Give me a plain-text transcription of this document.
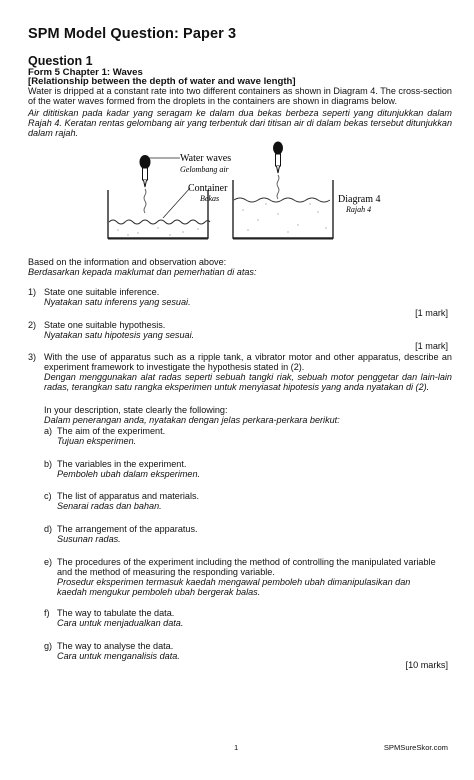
SPM Model Question: Paper 3
Question 1
Form 5 Chapter 1: Waves
[Relationship between the depth of water and wave length]
Water is dripped at a constant rate into two different containers as shown in Diagram 4. The cross-section of the water waves formed from the droplets in the containers are shown in diagrams below.
Air dititiskan pada kadar yang seragam ke dalam dua bekas berbeza seperti yang ditunjukkan dalam Rajah 4. Keratan rentas gelombang air yang terbentuk dari titisan air di dalam bekas tersebut ditunjukkan dalam rajah.
Water waves
Gelombang air
Container
Bekas	Diagram 4
Rajah 4
Based on the information and observation above:
Berdasarkan kepada maklumat dan pemerhatian di atas:
1) State one suitable inference.
Nyatakan satu inferens yang sesuai.
[1 mark]
2) State one suitable hypothesis.
Nyatakan satu hipotesis yang sesuai.
[1 mark]
3) With the use of apparatus such as a ripple tank, a vibrator motor and other apparatus, describe an experiment framework to investigate the hypothesis stated in (2).
Dengan menggunakan alat radas seperti sebuah tangki riak, sebuah motor penggetar dan lain-lain radas, terangkan satu rangka eksperimen untuk menyiasat hipotesis yang anda nyatakan di (2).
In your description, state clearly the following:
Dalam penerangan anda, nyatakan dengan jelas perkara-perkara berikut:
a) The aim of the experiment.
Tujuan eksperimen.
b) The variables in the experiment.
Pemboleh ubah dalam eksperimen.
c) The list of apparatus and materials.
Senarai radas dan bahan.
d) The arrangement of the apparatus.
Susunan radas.
e) The procedures of the experiment including the method of controlling the manipulated variable
and the method of measuring the responding variable.
Prosedur eksperimen termasuk kaedah mengawal pemboleh ubah dimanipulasikan dan
kaedah mengukur pemboleh ubah bergerak balas.
f) The way to tabulate the data.
Cara untuk menjadualkan data.
g) The way to analyse the data.
Cara untuk menganalisis data.
[10 marks]
1	SPMSureSkor.com
